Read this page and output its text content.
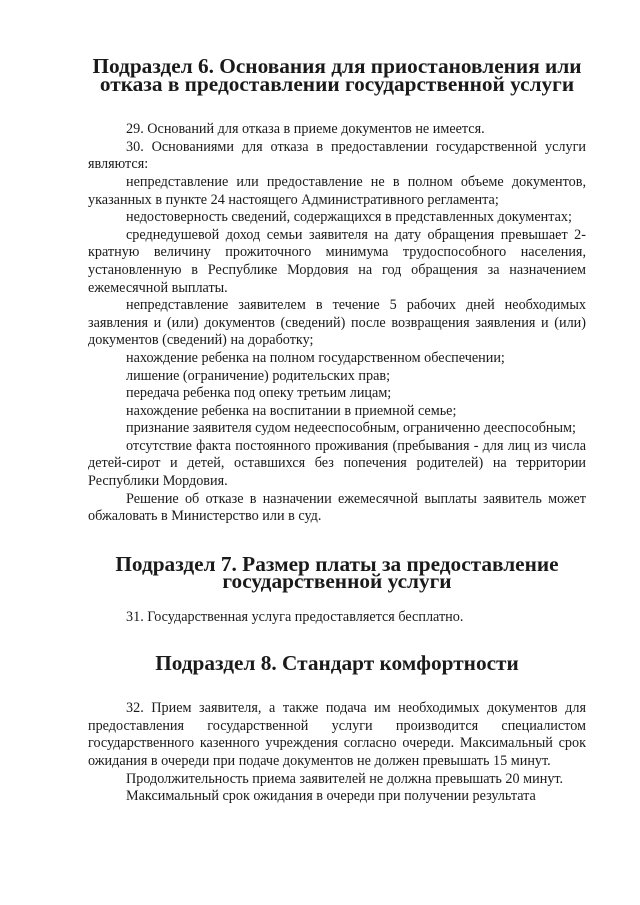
Подраздел 6. Основания для приостановления или отказа в предоставлении государственной услуги

29. Оснований для отказа в приеме документов не имеется.

30. Основаниями для отказа в предоставлении государственной услуги являются:

непредставление или предоставление не в полном объеме документов, указанных в пункте 24 настоящего Административного регламента;

недостоверность сведений, содержащихся в представленных документах;

среднедушевой доход семьи заявителя на дату обращения превышает 2-кратную величину прожиточного минимума трудоспособного населения, установленную в Республике Мордовия на год обращения за назначением ежемесячной выплаты.

непредставление заявителем в течение 5 рабочих дней необходимых заявления и (или) документов (сведений) после возвращения заявления и (или) документов (сведений) на доработку;

нахождение ребенка на полном государственном обеспечении;

лишение (ограничение) родительских прав;

передача ребенка под опеку третьим лицам;

нахождение ребенка на воспитании в приемной семье;

признание заявителя судом недееспособным, ограниченно дееспособным;

отсутствие факта постоянного проживания (пребывания - для лиц из числа детей-сирот и детей, оставшихся без попечения родителей) на территории Республики Мордовия.

Решение об отказе в назначении ежемесячной выплаты заявитель может обжаловать в Министерство или в суд.

Подраздел 7. Размер платы за предоставление государственной услуги

31. Государственная услуга предоставляется бесплатно.

Подраздел 8. Стандарт комфортности

32. Прием заявителя, а также подача им необходимых документов для предоставления государственной услуги производится специалистом государственного казенного учреждения согласно очереди. Максимальный срок ожидания в очереди при подаче документов не должен превышать 15 минут.

Продолжительность приема заявителей не должна превышать 20 минут.

Максимальный срок ожидания в очереди при получении результата
